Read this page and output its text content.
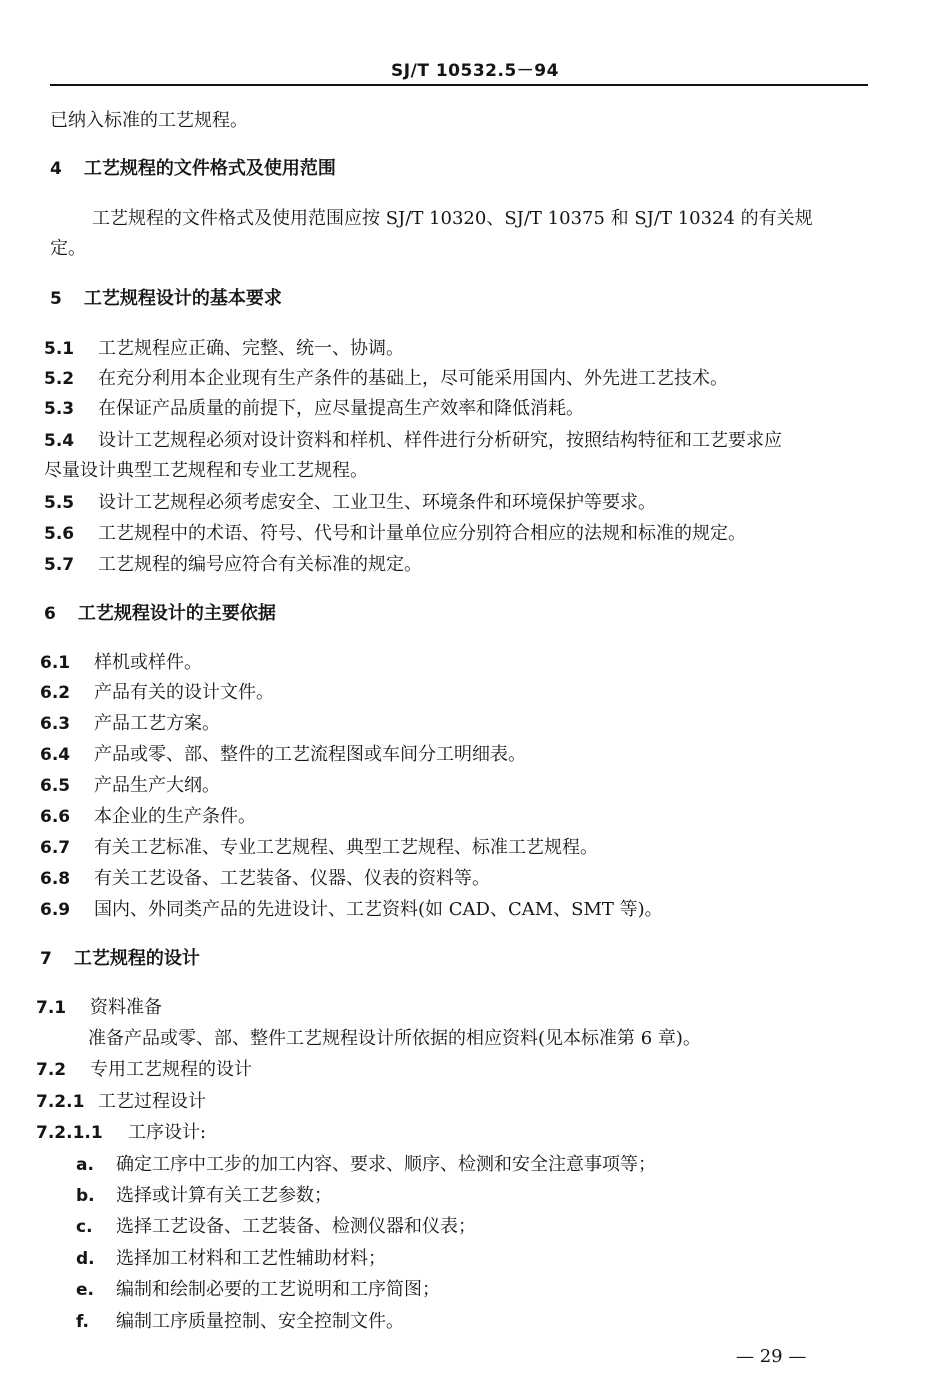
SJ/T 10532.5－94
已纳入标准的工艺规程。
4 工艺规程的文件格式及使用范围
工艺规程的文件格式及使用范围应按 SJ/T 10320、SJ/T 10375 和 SJ/T 10324 的有关规
定。
5 工艺规程设计的基本要求
5.1 工艺规程应正确、完整、统一、协调。
5.2 在充分利用本企业现有生产条件的基础上，尽可能采用国内、外先进工艺技术。
5.3 在保证产品质量的前提下，应尽量提高生产效率和降低消耗。
5.4 设计工艺规程必须对设计资料和样机、样件进行分析研究，按照结构特征和工艺要求应
尽量设计典型工艺规程和专业工艺规程。
5.5 设计工艺规程必须考虑安全、工业卫生、环境条件和环境保护等要求。
5.6 工艺规程中的术语、符号、代号和计量单位应分别符合相应的法规和标准的规定。
5.7 工艺规程的编号应符合有关标准的规定。
6 工艺规程设计的主要依据
6.1 样机或样件。
6.2 产品有关的设计文件。
6.3 产品工艺方案。
6.4 产品或零、部、整件的工艺流程图或车间分工明细表。
6.5 产品生产大纲。
6.6 本企业的生产条件。
6.7 有关工艺标准、专业工艺规程、典型工艺规程、标准工艺规程。
6.8 有关工艺设备、工艺装备、仪器、仪表的资料等。
6.9 国内、外同类产品的先进设计、工艺资料(如 CAD、CAM、SMT 等)。
7 工艺规程的设计
7.1 资料准备
准备产品或零、部、整件工艺规程设计所依据的相应资料(见本标准第 6 章)。
7.2 专用工艺规程的设计
7.2.1 工艺过程设计
7.2.1.1 工序设计:
a. 确定工序中工步的加工内容、要求、顺序、检测和安全注意事项等；
b. 选择或计算有关工艺参数；
c. 选择工艺设备、工艺装备、检测仪器和仪表；
d. 选择加工材料和工艺性辅助材料；
e. 编制和绘制必要的工艺说明和工序简图；
f. 编制工序质量控制、安全控制文件。
— 29 —
